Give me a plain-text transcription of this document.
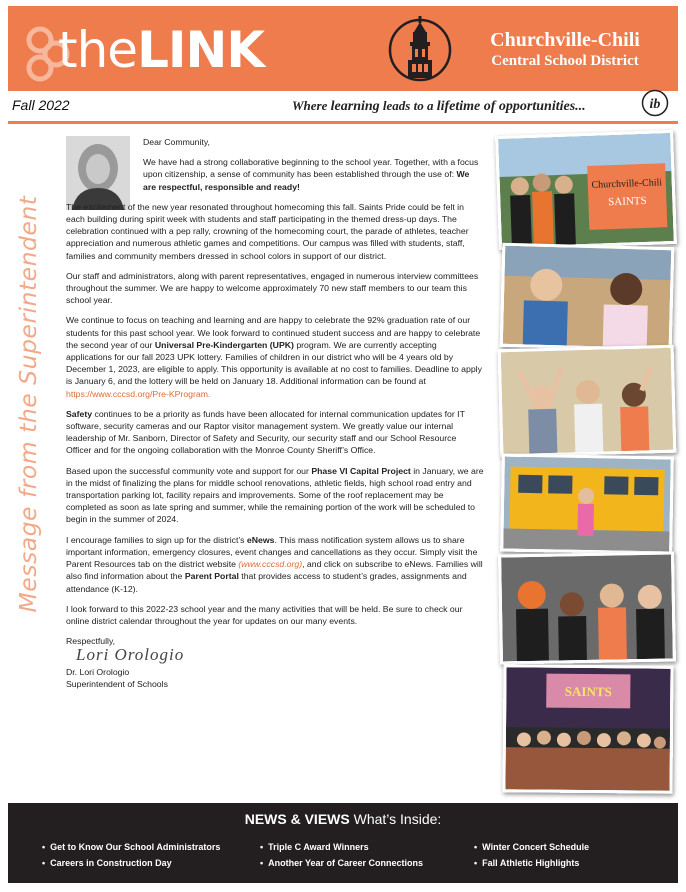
theLINK	Churchville-Chili
Central School District
Fall 2022	Where learning leads to a lifetime of opportunities...	ib
Message from the Superintendent

Dear Community,

We have had a strong collaborative beginning to the school year. Together, with a focus upon citizenship, a sense of community has been established through the use of: We are respectful, responsible and ready!

The excitement of the new year resonated throughout homecoming this fall. Saints Pride could be felt in each building during spirit week with students and staff participating in the themed dress-up days. The celebration continued with a pep rally, crowning of the homecoming court, the parade of athletes, teacher appreciation and numerous athletic games and competitions. Our campus was filled with students, staff, families and community members dressed in school colors in support of our district.

Our staff and administrators, along with parent representatives, engaged in numerous interview committees throughout the summer. We are happy to welcome approximately 70 new staff members to our team this school year.

We continue to focus on teaching and learning and are happy to celebrate the 92% graduation rate of our students for this past school year. We look forward to continued student success and are happy to celebrate the second year of our Universal Pre-Kindergarten (UPK) program. We are currently accepting applications for our fall 2023 UPK lottery. Families of children in our district who will be 4 years old by December 1, 2023, are eligible to apply. This opportunity is available at no cost to families. Deadline to apply is January 6, and the lottery will be held on January 18. Additional information can be found at https://www.cccsd.org/Pre-KProgram.

Safety continues to be a priority as funds have been allocated for internal communication updates for IT software, security cameras and our Raptor visitor management system. We greatly value our internal leadership of Mr. Sanborn, Director of Safety and Security, our security staff and our School Resource Officer and for the ongoing collaboration with the Monroe County Sheriff’s Office.

Based upon the successful community vote and support for our Phase VI Capital Project in January, we are in the midst of finalizing the plans for middle school renovations, athletic fields, high school road entry and transportation parking lot, facility repairs and improvements. Some of the roof replacement may be completed as soon as late spring and summer, while the remaining portion of the work will be scheduled to begin in the summer of 2024.

I encourage families to sign up for the district’s eNews. This mass notification system allows us to share important information, emergency closures, event changes and cancellations as they occur. Simply visit the Parent Resources tab on the district website (www.cccsd.org), and click on subscribe to eNews. Families will also find information about the Parent Portal that provides access to student’s grades, assignments and attendance (K-12).

I look forward to this 2022-23 school year and the many activities that will be held. Be sure to check our online district calendar throughout the year for updates on our many events.

Respectfully,

Lori Orologio

Dr. Lori Orologio

Superintendent of Schools

Churchville-Chili
SAINTS
SAINTS
NEWS & VIEWS What’s Inside:
• Get to Know Our School Administrators
• Careers in Construction Day
• Triple C Award Winners
• Another Year of Career Connections
• Winter Concert Schedule
• Fall Athletic Highlights
